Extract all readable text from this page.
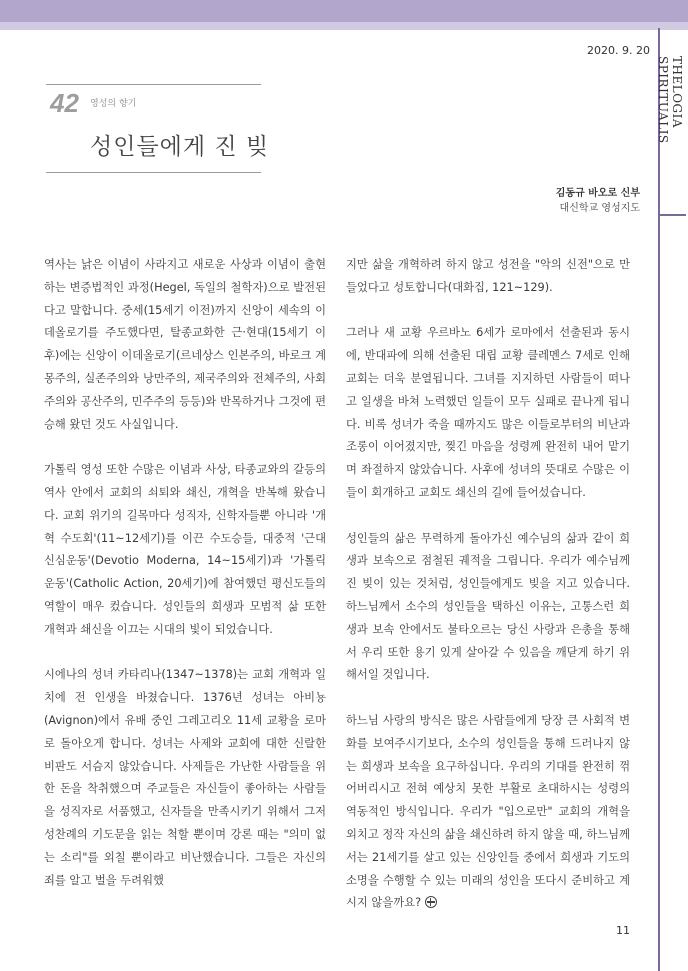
THELOGIA SPIRITUALIS
2020. 9. 20
42 영성의 향기
성인들에게 진 빚
김동규 바오로 신부
대신학교 영성지도

역사는 낡은 이념이 사라지고 새로운 사상과 이념이 출현하는 변증법적인 과정(Hegel, 독일의 철학자)으로 발전된다고 말합니다. 중세(15세기 이전)까지 신앙이 세속의 이데올로기를 주도했다면, 탈종교화한 근·현대(15세기 이후)에는 신앙이 이데올로기(르네상스 인본주의, 바로크 계몽주의, 실존주의와 낭만주의, 제국주의와 전체주의, 사회주의와 공산주의, 민주주의 등등)와 반목하거나 그것에 편승해 왔던 것도 사실입니다.

가톨릭 영성 또한 수많은 이념과 사상, 타종교와의 갈등의 역사 안에서 교회의 쇠퇴와 쇄신, 개혁을 반복해 왔습니다. 교회 위기의 길목마다 성직자, 신학자들뿐 아니라 '개혁 수도회'(11~12세기)를 이끈 수도승들, 대중적 '근대 신심운동'(Devotio Moderna, 14~15세기)과 '가톨릭 운동'(Catholic Action, 20세기)에 참여했던 평신도들의 역할이 매우 컸습니다. 성인들의 희생과 모범적 삶 또한 개혁과 쇄신을 이끄는 시대의 빛이 되었습니다.

시에나의 성녀 카타리나(1347~1378)는 교회 개혁과 일치에 전 인생을 바쳤습니다. 1376년 성녀는 아비뇽(Avignon)에서 유배 중인 그레고리오 11세 교황을 로마로 돌아오게 합니다. 성녀는 사제와 교회에 대한 신랄한 비판도 서슴지 않았습니다. 사제들은 가난한 사람들을 위한 돈을 착취했으며 주교들은 자신들이 좋아하는 사람들을 성직자로 서품했고, 신자들을 만족시키기 위해서 그저 성찬례의 기도문을 읽는 척할 뿐이며 강론 때는 "의미 없는 소리"를 외칠 뿐이라고 비난했습니다. 그들은 자신의 죄를 알고 벌을 두려워했

지만 삶을 개혁하려 하지 않고 성전을 "악의 신전"으로 만들었다고 성토합니다(대화집, 121~129).

그러나 새 교황 우르바노 6세가 로마에서 선출된과 동시에, 반대파에 의해 선출된 대립 교황 클레멘스 7세로 인해 교회는 더욱 분열됩니다. 그녀를 지지하던 사람들이 떠나고 일생을 바쳐 노력했던 일들이 모두 실패로 끝나게 됩니다. 비록 성녀가 죽을 때까지도 많은 이들로부터의 비난과 조롱이 이어졌지만, 찢긴 마음을 성령께 완전히 내어 맡기며 좌절하지 않았습니다. 사후에 성녀의 뜻대로 수많은 이들이 회개하고 교회도 쇄신의 길에 들어섰습니다.

성인들의 삶은 무력하게 돌아가신 예수님의 삶과 같이 희생과 보속으로 점철된 궤적을 그립니다. 우리가 예수님께 진 빚이 있는 것처럼, 성인들에게도 빚을 지고 있습니다. 하느님께서 소수의 성인들을 택하신 이유는, 고통스런 희생과 보속 안에서도 불타오르는 당신 사랑과 은총을 통해서 우리 또한 용기 있게 살아갈 수 있음을 깨닫게 하기 위해서일 것입니다.

하느님 사랑의 방식은 많은 사람들에게 당장 큰 사회적 변화를 보여주시기보다, 소수의 성인들을 통해 드러나지 않는 희생과 보속을 요구하십니다. 우리의 기대를 완전히 꺾어버리시고 전혀 예상치 못한 부활로 초대하시는 성령의 역동적인 방식입니다. 우리가 "입으로만" 교회의 개혁을 외치고 정작 자신의 삶을 쇄신하려 하지 않을 때, 하느님께서는 21세기를 살고 있는 신앙인들 중에서 희생과 기도의 소명을 수행할 수 있는 미래의 성인을 또다시 준비하고 계시지 않을까요?

11
